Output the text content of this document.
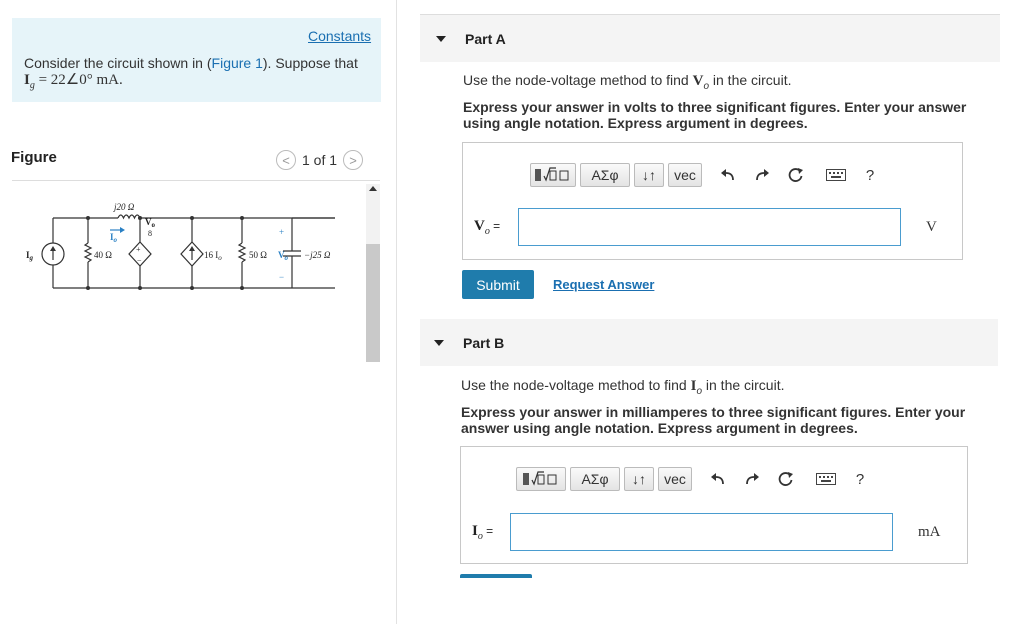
Constants
Consider the circuit shown in (Figure 1). Suppose that
$I_g$ = 22∠0° mA.
Figure	< 1 of 1 >
j20 Ω
40 Ω
$I_o$
$V_o$
8
+
−
16 $I_o$	50 Ω $V_o$
+
−
−j25 Ω
$I_g$
Part A
Use the node-voltage method to find $V_o$ in the circuit.
Express your answer in volts to three significant figures. Enter your answer using angle notation. Express argument in degrees.
ΑΣφ	↓↑	vec	?
$V_o$ =	V
Submit	Request Answer
Part B
Use the node-voltage method to find $I_o$ in the circuit.
Express your answer in milliamperes to three significant figures. Enter your answer using angle notation. Express argument in degrees.
ΑΣφ	↓↑	vec	?
$I_o$ =	mA
